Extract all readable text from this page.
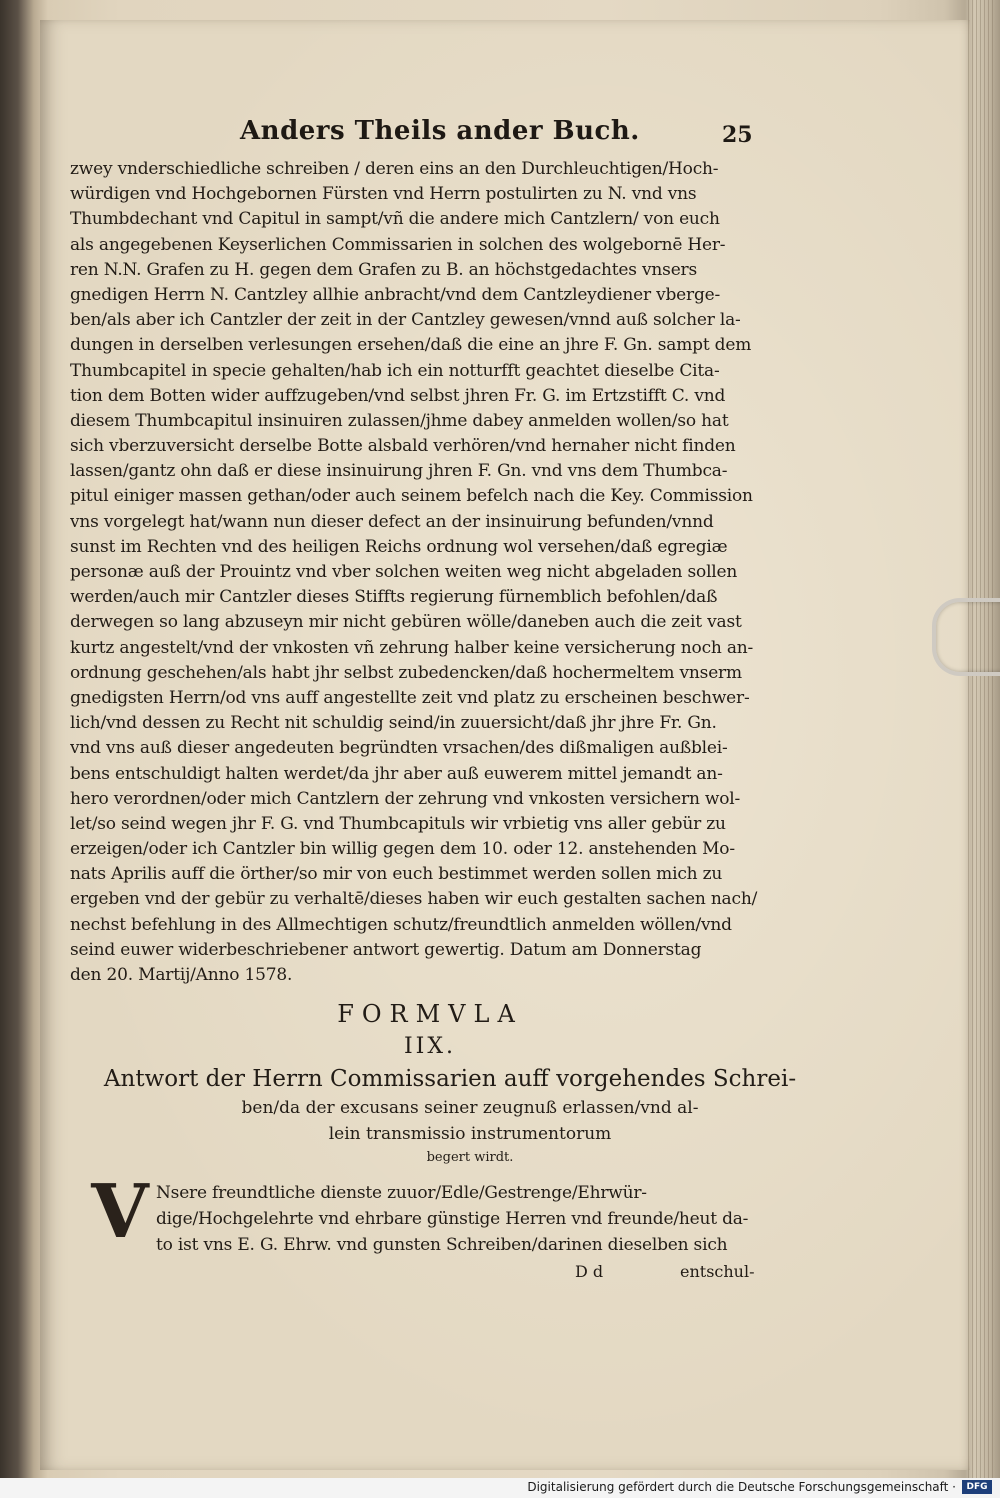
Anders Theils ander Buch.	25
zwey vnderschiedliche schreiben / deren eins an den Durchleuchtigen/Hoch-
würdigen vnd Hochgebornen Fürsten vnd Herrn postulirten zu N. vnd vns
Thumbdechant vnd Capitul in sampt/vñ die andere mich Cantzlern/ von euch
als angegebenen Keyserlichen Commissarien in solchen des wolgebornē Her-
ren N.N. Grafen zu H. gegen dem Grafen zu B. an höchstgedachtes vnsers
gnedigen Herrn N. Cantzley allhie anbracht/vnd dem Cantzleydiener vberge-
ben/als aber ich Cantzler der zeit in der Cantzley gewesen/vnnd auß solcher la-
dungen in derselben verlesungen ersehen/daß die eine an jhre F. Gn. sampt dem
Thumbcapitel in specie gehalten/hab ich ein notturfft geachtet dieselbe Cita-
tion dem Botten wider auffzugeben/vnd selbst jhren Fr. G. im Ertzstifft C. vnd
diesem Thumbcapitul insinuiren zulassen/jhme dabey anmelden wollen/so hat
sich vberzuversicht derselbe Botte alsbald verhören/vnd hernaher nicht finden
lassen/gantz ohn daß er diese insinuirung jhren F. Gn. vnd vns dem Thumbca-
pitul einiger massen gethan/oder auch seinem befelch nach die Key. Commission
vns vorgelegt hat/wann nun dieser defect an der insinuirung befunden/vnnd
sunst im Rechten vnd des heiligen Reichs ordnung wol versehen/daß egregiæ
personæ auß der Prouintz vnd vber solchen weiten weg nicht abgeladen sollen
werden/auch mir Cantzler dieses Stiffts regierung fürnemblich befohlen/daß
derwegen so lang abzuseyn mir nicht gebüren wölle/daneben auch die zeit vast
kurtz angestelt/vnd der vnkosten vñ zehrung halber keine versicherung noch an-
ordnung geschehen/als habt jhr selbst zubedencken/daß hochermeltem vnserm
gnedigsten Herrn/od vns auff angestellte zeit vnd platz zu erscheinen beschwer-
lich/vnd dessen zu Recht nit schuldig seind/in zuuersicht/daß jhr jhre Fr. Gn.
vnd vns auß dieser angedeuten begründten vrsachen/des dißmaligen außblei-
bens entschuldigt halten werdet/da jhr aber auß euwerem mittel jemandt an-
hero verordnen/oder mich Cantzlern der zehrung vnd vnkosten versichern wol-
let/so seind wegen jhr F. G. vnd Thumbcapituls wir vrbietig vns aller gebür zu
erzeigen/oder ich Cantzler bin willig gegen dem 10. oder 12. anstehenden Mo-
nats Aprilis auff die örther/so mir von euch bestimmet werden sollen mich zu
ergeben vnd der gebür zu verhaltē/dieses haben wir euch gestalten sachen nach/
nechst befehlung in des Allmechtigen schutz/freundtlich anmelden wöllen/vnd
seind euwer widerbeschriebener antwort gewertig. Datum am Donnerstag
den 20. Martij/Anno 1578.
FORMVLA
IIX.
Antwort der Herrn Commissarien auff vorgehendes Schrei-
ben/da der excusans seiner zeugnuß erlassen/vnd al-
lein transmissio instrumentorum
begert wirdt.
V Nsere freundtliche dienste zuuor/Edle/Gestrenge/Ehrwür-
dige/Hochgelehrte vnd ehrbare günstige Herren vnd freunde/heut da-
to ist vns E. G. Ehrw. vnd gunsten Schreiben/darinen dieselben sich
D d	entschul-
Digitalisierung gefördert durch die Deutsche Forschungsgemeinschaft ·	DFG
